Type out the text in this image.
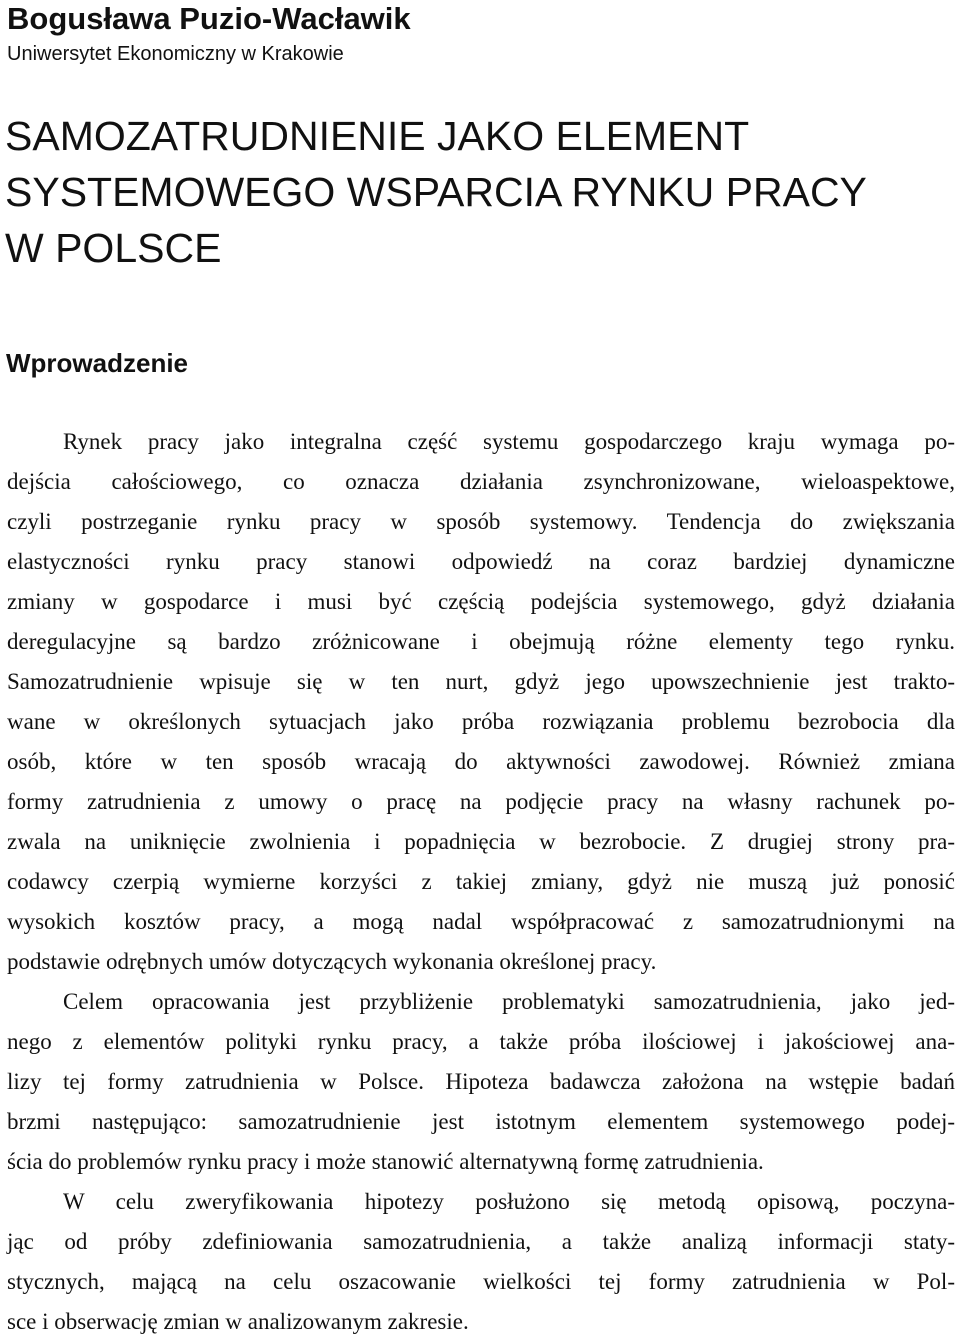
Bogusława Puzio-Wacławik

Uniwersytet Ekonomiczny w Krakowie

SAMOZATRUDNIENIE JAKO ELEMENT
SYSTEMOWEGO WSPARCIA RYNKU PRACY
W POLSCE
Wprowadzenie
Rynek pracy jako integralna część systemu gospodarczego kraju wymaga po-
dejścia całościowego, co oznacza działania zsynchronizowane, wieloaspektowe,
czyli postrzeganie rynku pracy w sposób systemowy. Tendencja do zwiększania
elastyczności rynku pracy stanowi odpowiedź na coraz bardziej dynamiczne
zmiany w gospodarce i musi być częścią podejścia systemowego, gdyż działania
deregulacyjne są bardzo zróżnicowane i obejmują różne elementy tego rynku.
Samozatrudnienie wpisuje się w ten nurt, gdyż jego upowszechnienie jest trakto-
wane w określonych sytuacjach jako próba rozwiązania problemu bezrobocia dla
osób, które w ten sposób wracają do aktywności zawodowej. Również zmiana
formy zatrudnienia z umowy o pracę na podjęcie pracy na własny rachunek po-
zwala na uniknięcie zwolnienia i popadnięcia w bezrobocie. Z drugiej strony pra-
codawcy czerpią wymierne korzyści z takiej zmiany, gdyż nie muszą już ponosić
wysokich kosztów pracy, a mogą nadal współpracować z samozatrudnionymi na
podstawie odrębnych umów dotyczących wykonania określonej pracy.
Celem opracowania jest przybliżenie problematyki samozatrudnienia, jako jed-
nego z elementów polityki rynku pracy, a także próba ilościowej i jakościowej ana-
lizy tej formy zatrudnienia w Polsce. Hipoteza badawcza założona na wstępie badań
brzmi następująco: samozatrudnienie jest istotnym elementem systemowego podej-
ścia do problemów rynku pracy i może stanowić alternatywną formę zatrudnienia.
W celu zweryfikowania hipotezy posłużono się metodą opisową, poczyna-
jąc od próby zdefiniowania samozatrudnienia, a także analizą informacji staty-
stycznych, mającą na celu oszacowanie wielkości tej formy zatrudnienia w Pol-
sce i obserwację zmian w analizowanym zakresie.
